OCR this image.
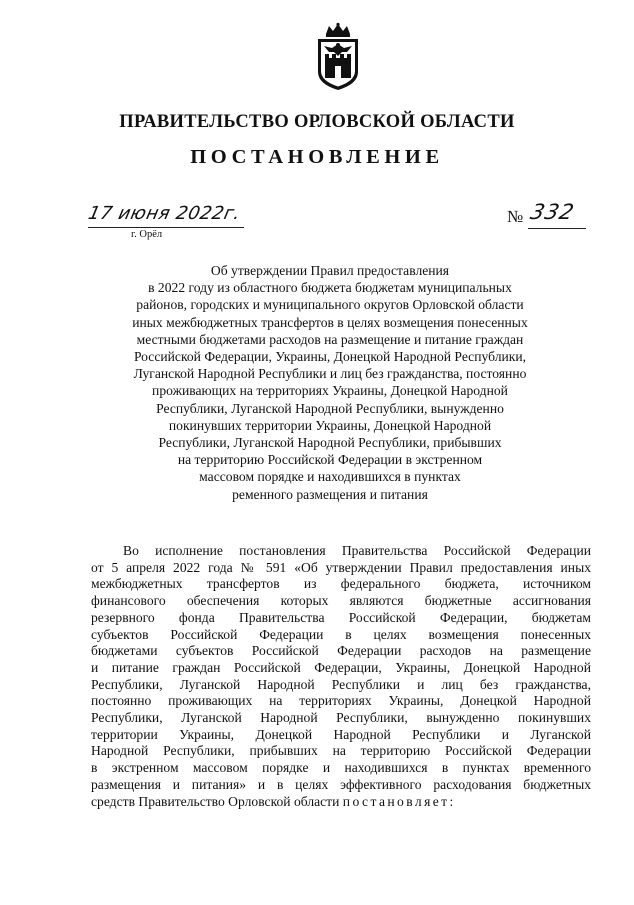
ПРАВИТЕЛЬСТВО ОРЛОВСКОЙ ОБЛАСТИ
ПОСТАНОВЛЕНИЕ
17 июня 2022г.
г. Орёл
№ 332
Об утверждении Правил предоставления
в 2022 году из областного бюджета бюджетам муниципальных
районов, городских и муниципального округов Орловской области
иных межбюджетных трансфертов в целях возмещения понесенных
местными бюджетами расходов на размещение и питание граждан
Российской Федерации, Украины, Донецкой Народной Республики,
Луганской Народной Республики и лиц без гражданства, постоянно
проживающих на территориях Украины, Донецкой Народной
Республики, Луганской Народной Республики, вынужденно
покинувших территории Украины, Донецкой Народной
Республики, Луганской Народной Республики, прибывших
на территорию Российской Федерации в экстренном
массовом порядке и находившихся в пунктах
ременного размещения и питания
Во исполнение постановления Правительства Российской Федерации
от 5 апреля 2022 года № 591 «Об утверждении Правил предоставления иных
межбюджетных трансфертов из федерального бюджета, источником
финансового обеспечения которых являются бюджетные ассигнования
резервного фонда Правительства Российской Федерации, бюджетам
субъектов Российской Федерации в целях возмещения понесенных
бюджетами субъектов Российской Федерации расходов на размещение
и питание граждан Российской Федерации, Украины, Донецкой Народной
Республики, Луганской Народной Республики и лиц без гражданства,
постоянно проживающих на территориях Украины, Донецкой Народной
Республики, Луганской Народной Республики, вынужденно покинувших
территории Украины, Донецкой Народной Республики и Луганской
Народной Республики, прибывших на территорию Российской Федерации
в экстренном массовом порядке и находившихся в пунктах временного
размещения и питания» и в целях эффективного расходования бюджетных
средств Правительство Орловской области постановляет:
